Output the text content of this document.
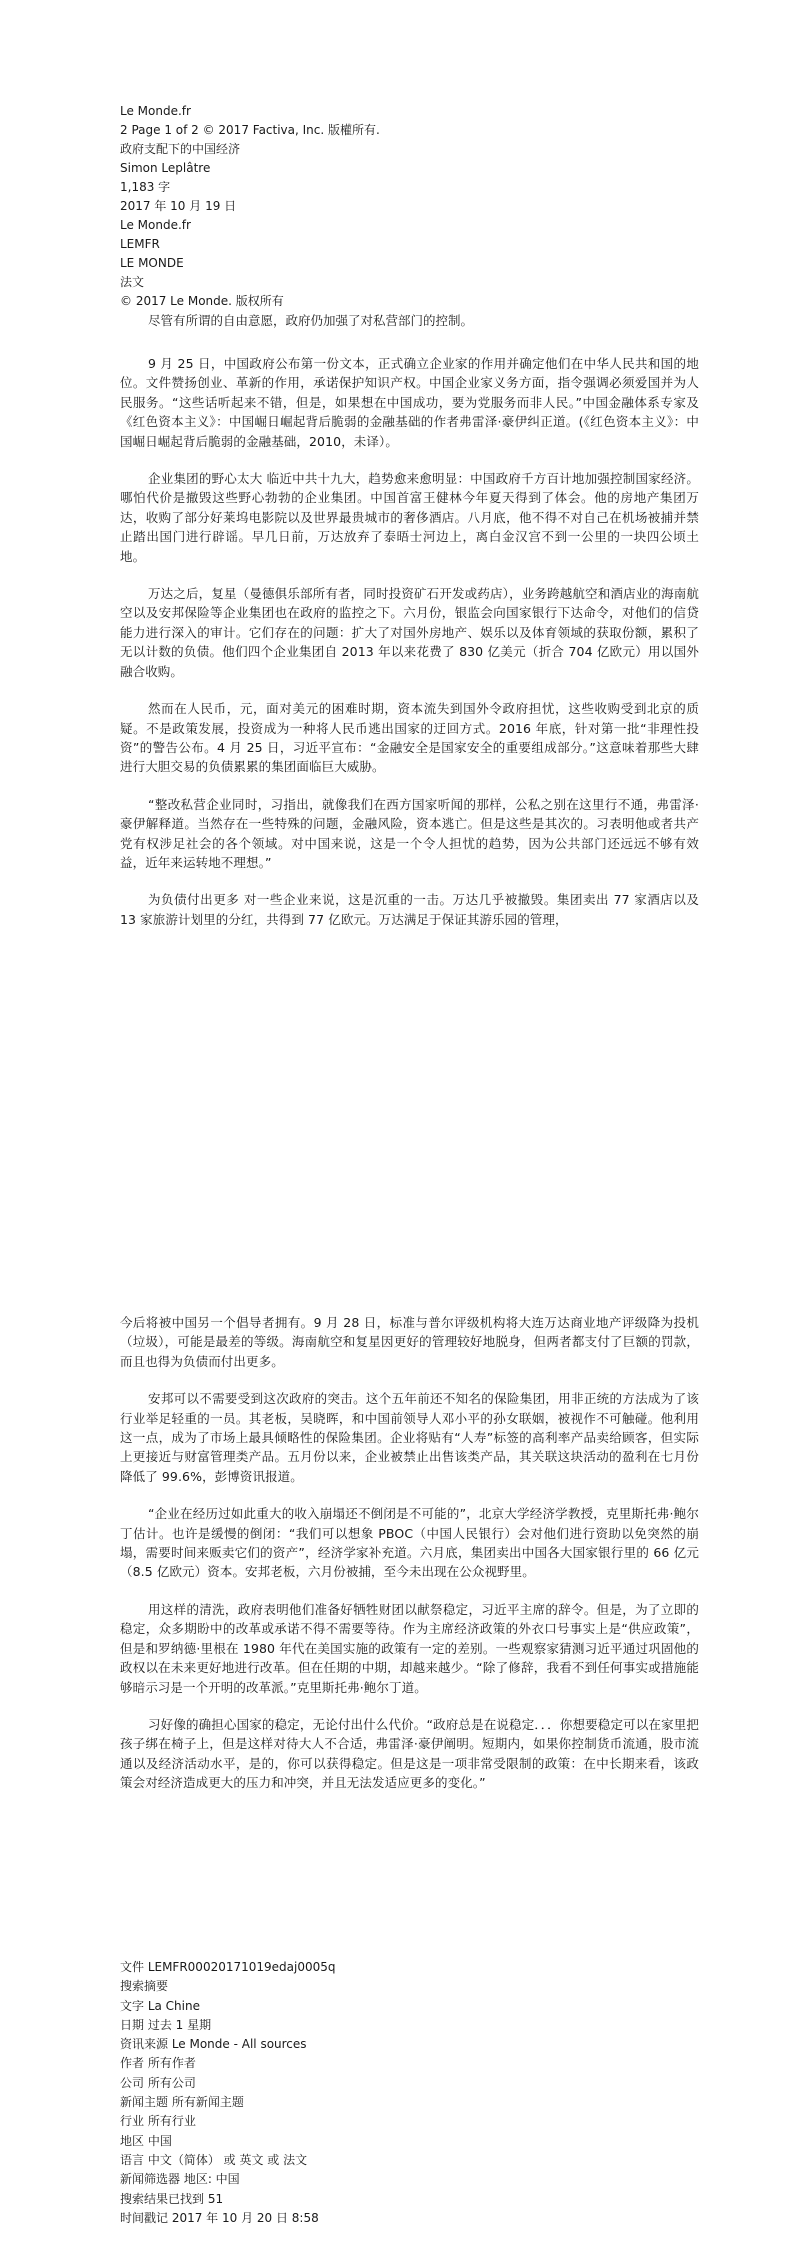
Le Monde.fr
2 Page 1 of 2 © 2017 Factiva, Inc. 版權所有.
政府支配下的中国经济
Simon Leplâtre
1,183 字
2017 年 10 月 19 日
Le Monde.fr
LEMFR
LE MONDE
法文
© 2017 Le Monde. 版权所有
尽管有所谓的自由意愿，政府仍加强了对私营部门的控制。

9 月 25 日，中国政府公布第一份文本，正式确立企业家的作用并确定他们在中华人民共和国的地位。文件赞扬创业、革新的作用，承诺保护知识产权。中国企业家义务方面，指令强调必须爱国并为人民服务。“这些话听起来不错，但是，如果想在中国成功，要为党服务而非人民。”中国金融体系专家及《红色资本主义》：中国崛日崛起背后脆弱的金融基础的作者弗雷泽·豪伊纠正道。(《红色资本主义》：中国崛日崛起背后脆弱的金融基础，2010，未译）。

企业集团的野心太大 临近中共十九大，趋势愈来愈明显：中国政府千方百计地加强控制国家经济。哪怕代价是撤毁这些野心勃勃的企业集团。中国首富王健林今年夏天得到了体会。他的房地产集团万达，收购了部分好莱坞电影院以及世界最贵城市的奢侈酒店。八月底，他不得不对自己在机场被捕并禁止踏出国门进行辟谣。早几日前，万达放弃了泰晤士河边上，离白金汉宫不到一公里的一块四公顷土地。

万达之后，复星（曼德俱乐部所有者，同时投资矿石开发或药店），业务跨越航空和酒店业的海南航空以及安邦保险等企业集团也在政府的监控之下。六月份，银监会向国家银行下达命令，对他们的信贷能力进行深入的审计。它们存在的问题：扩大了对国外房地产、娱乐以及体育领域的获取份额，累积了无以计数的负债。他们四个企业集团自 2013 年以来花费了 830 亿美元（折合 704 亿欧元）用以国外融合收购。

然而在人民币，元，面对美元的困难时期，资本流失到国外令政府担忧，这些收购受到北京的质疑。不是政策发展，投资成为一种将人民币逃出国家的迂回方式。2016 年底，针对第一批“非理性投资”的警告公布。4 月 25 日，习近平宣布：“金融安全是国家安全的重要组成部分。”这意味着那些大肆进行大胆交易的负债累累的集团面临巨大威胁。

“整改私营企业同时，习指出，就像我们在西方国家听闻的那样，公私之别在这里行不通，弗雷泽·豪伊解释道。当然存在一些特殊的问题，金融风险，资本逃亡。但是这些是其次的。习表明他或者共产党有权涉足社会的各个领域。对中国来说，这是一个令人担忧的趋势，因为公共部门还远远不够有效益，近年来运转地不理想。”

为负债付出更多 对一些企业来说，这是沉重的一击。万达几乎被撤毁。集团卖出 77 家酒店以及 13 家旅游计划里的分红，共得到 77 亿欧元。万达满足于保证其游乐园的管理，

今后将被中国另一个倡导者拥有。9 月 28 日，标准与普尔评级机构将大连万达商业地产评级降为投机（垃圾），可能是最差的等级。海南航空和复星因更好的管理较好地脱身，但两者都支付了巨额的罚款，而且也得为负债而付出更多。

安邦可以不需要受到这次政府的突击。这个五年前还不知名的保险集团，用非正统的方法成为了该行业举足轻重的一员。其老板，吴晓晖，和中国前领导人邓小平的孙女联姻，被视作不可触碰。他利用这一点，成为了市场上最具倾略性的保险集团。企业将贴有“人寿”标签的高利率产品卖给顾客，但实际上更接近与财富管理类产品。五月份以来，企业被禁止出售该类产品，其关联这块活动的盈利在七月份降低了 99.6%，彭博资讯报道。

“企业在经历过如此重大的收入崩塌还不倒闭是不可能的”，北京大学经济学教授，克里斯托弗·鲍尔丁估计。也许是缓慢的倒闭：“我们可以想象 PBOC（中国人民银行）会对他们进行资助以免突然的崩塌，需要时间来贩卖它们的资产”，经济学家补充道。六月底，集团卖出中国各大国家银行里的 66 亿元（8.5 亿欧元）资本。安邦老板，六月份被捕，至今未出现在公众视野里。

用这样的清洗，政府表明他们准备好牺牲财团以献祭稳定，习近平主席的辞令。但是，为了立即的稳定，众多期盼中的改革或承诺不得不需要等待。作为主席经济政策的外衣口号事实上是“供应政策”，但是和罗纳德·里根在 1980 年代在美国实施的政策有一定的差别。一些观察家猜测习近平通过巩固他的政权以在未来更好地进行改革。但在任期的中期，却越来越少。“除了修辞，我看不到任何事实或措施能够暗示习是一个开明的改革派。”克里斯托弗·鲍尔丁道。

习好像的确担心国家的稳定，无论付出什么代价。“政府总是在说稳定．．．你想要稳定可以在家里把孩子绑在椅子上，但是这样对待大人不合适，弗雷泽·豪伊阐明。短期内，如果你控制货币流通，股市流通以及经济活动水平，是的，你可以获得稳定。但是这是一项非常受限制的政策：在中长期来看，该政策会对经济造成更大的压力和冲突，并且无法发适应更多的变化。”

文件 LEMFR00020171019edaj0005q
搜索摘要
文字 La Chine
日期 过去 1 星期
资讯来源 Le Monde - All sources
作者 所有作者
公司 所有公司
新闻主题 所有新闻主题
行业 所有行业
地区 中国
语言 中文（简体） 或 英文 或 法文
新闻筛选器 地区: 中国
搜索结果已找到 51
时间戳记 2017 年 10 月 20 日 8:58
